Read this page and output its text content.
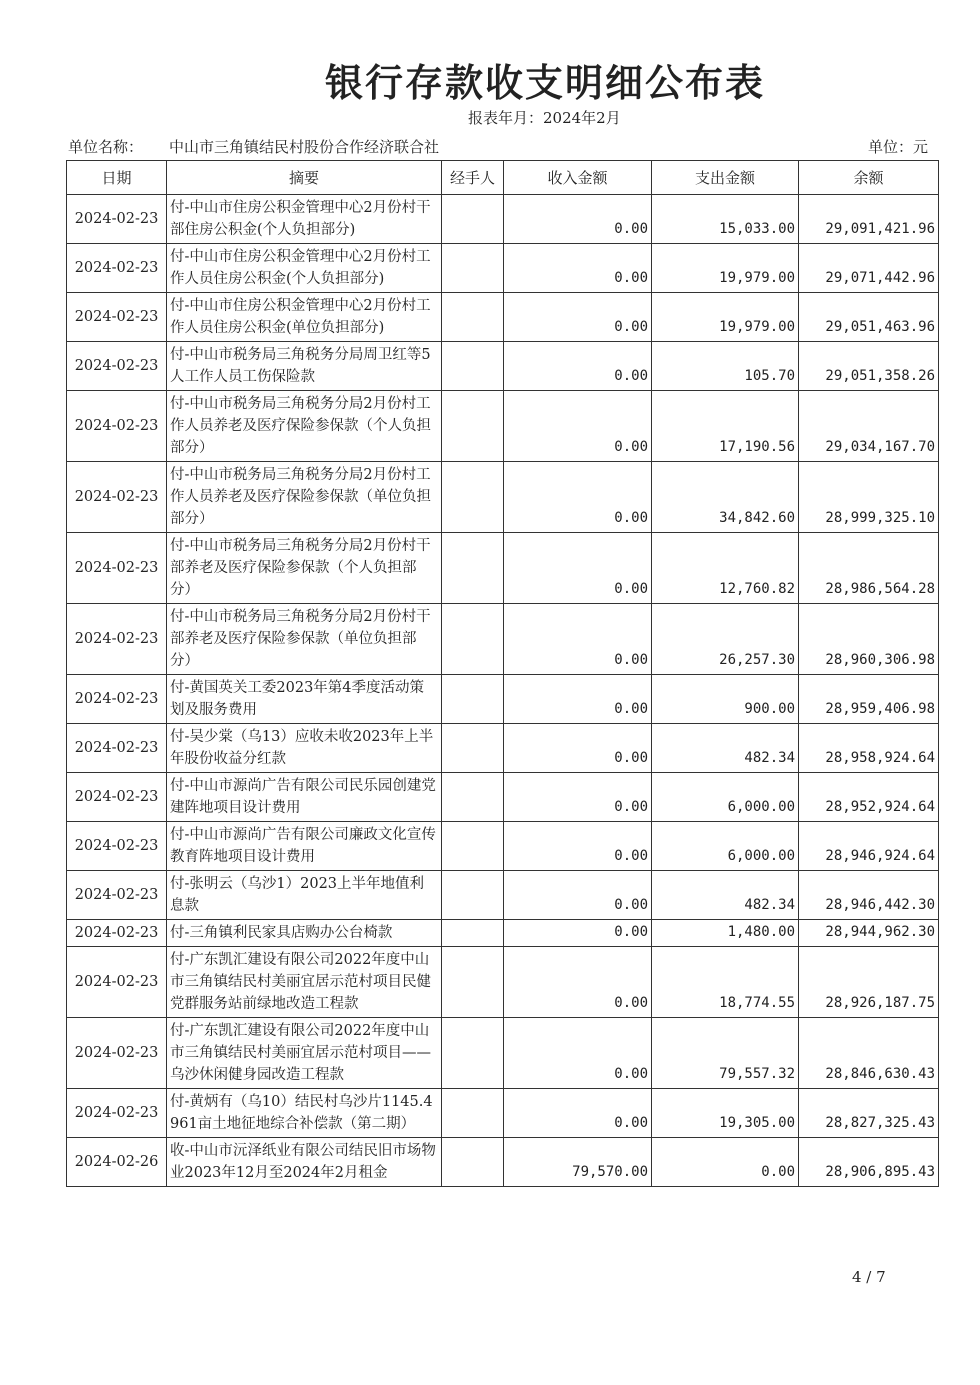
银行存款收支明细公布表
报表年月：2024年2月
单位名称： 中山市三角镇结民村股份合作经济联合社	单位：元
日期	摘要	经手人	收入金额	支出金额	余额
2024-02-23	付-中山市住房公积金管理中心2月份村干部住房公积金(个人负担部分)		0.00	15,033.00	29,091,421.96
2024-02-23	付-中山市住房公积金管理中心2月份村工作人员住房公积金(个人负担部分)		0.00	19,979.00	29,071,442.96
2024-02-23	付-中山市住房公积金管理中心2月份村工作人员住房公积金(单位负担部分)		0.00	19,979.00	29,051,463.96
2024-02-23	付-中山市税务局三角税务分局周卫红等5人工作人员工伤保险款		0.00	105.70	29,051,358.26
2024-02-23	付-中山市税务局三角税务分局2月份村工作人员养老及医疗保险参保款（个人负担部分）		0.00	17,190.56	29,034,167.70
2024-02-23	付-中山市税务局三角税务分局2月份村工作人员养老及医疗保险参保款（单位负担部分）		0.00	34,842.60	28,999,325.10
2024-02-23	付-中山市税务局三角税务分局2月份村干部养老及医疗保险参保款（个人负担部分）		0.00	12,760.82	28,986,564.28
2024-02-23	付-中山市税务局三角税务分局2月份村干部养老及医疗保险参保款（单位负担部分）		0.00	26,257.30	28,960,306.98
2024-02-23	付-黄国英关工委2023年第4季度活动策划及服务费用		0.00	900.00	28,959,406.98
2024-02-23	付-吴少棠（乌13）应收未收2023年上半年股份收益分红款		0.00	482.34	28,958,924.64
2024-02-23	付-中山市源尚广告有限公司民乐园创建党建阵地项目设计费用		0.00	6,000.00	28,952,924.64
2024-02-23	付-中山市源尚广告有限公司廉政文化宣传教育阵地项目设计费用		0.00	6,000.00	28,946,924.64
2024-02-23	付-张明云（乌沙1）2023上半年地值利息款		0.00	482.34	28,946,442.30
2024-02-23	付-三角镇利民家具店购办公台椅款		0.00	1,480.00	28,944,962.30
2024-02-23	付-广东凯汇建设有限公司2022年度中山市三角镇结民村美丽宜居示范村项目民健党群服务站前绿地改造工程款		0.00	18,774.55	28,926,187.75
2024-02-23	付-广东凯汇建设有限公司2022年度中山市三角镇结民村美丽宜居示范村项目——乌沙休闲健身园改造工程款		0.00	79,557.32	28,846,630.43
2024-02-23	付-黄炳有（乌10）结民村乌沙片1145.4961亩土地征地综合补偿款（第二期）		0.00	19,305.00	28,827,325.43
2024-02-26	收-中山市沅泽纸业有限公司结民旧市场物业2023年12月至2024年2月租金		79,570.00	0.00	28,906,895.43
4 / 7
